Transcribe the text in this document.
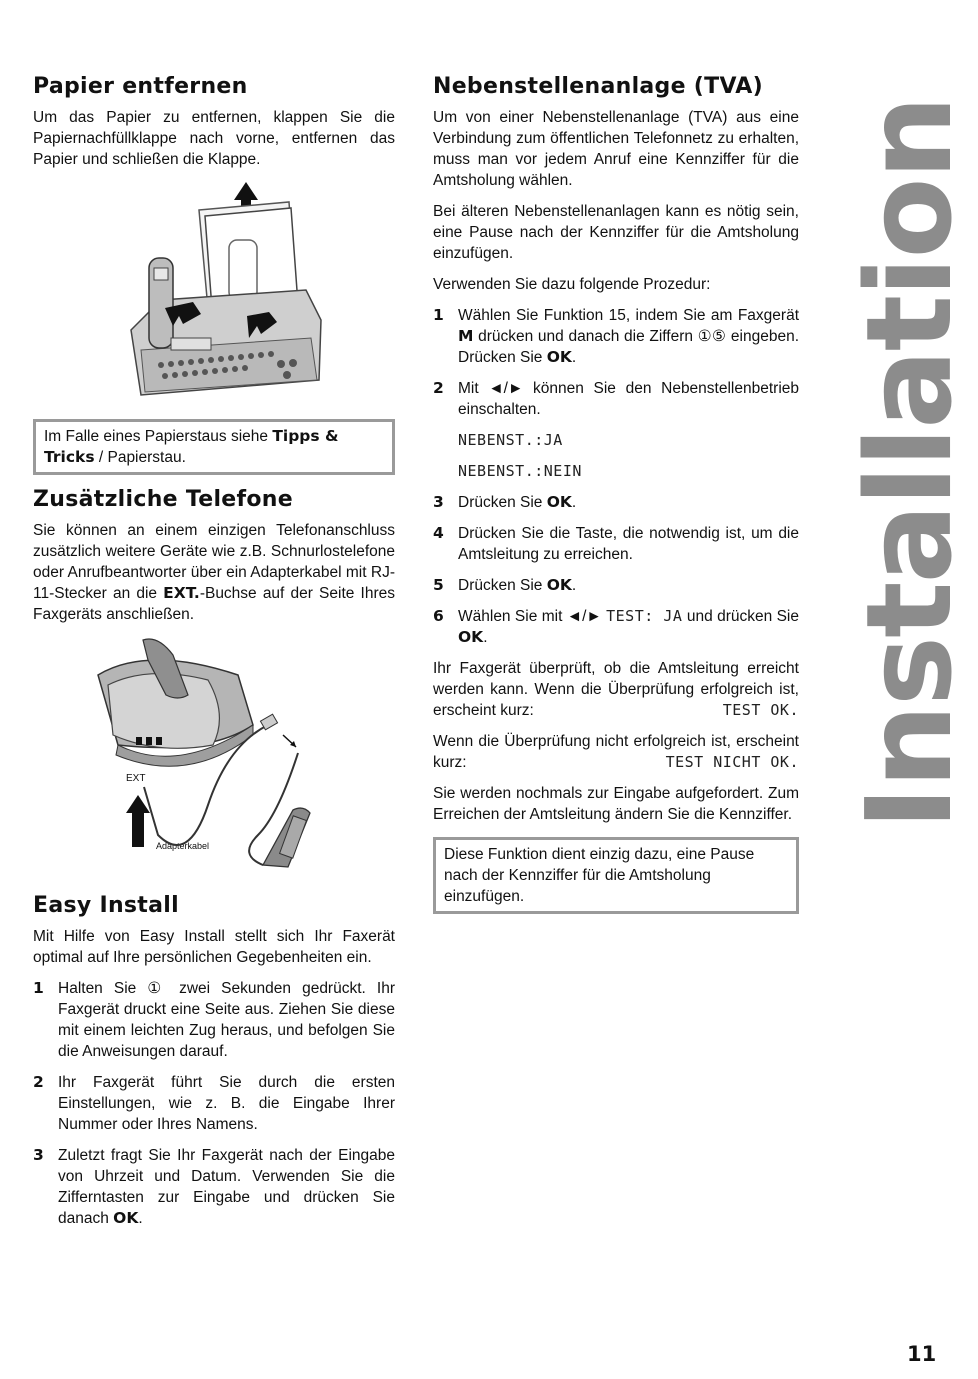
Papier entfernen

Um das Papier zu entfernen, klappen Sie die Papiernachfüllklappe nach vorne, entfernen das Papier und schließen die Klappe.

Im Falle eines Papierstaus siehe Tipps & Tricks / Papierstau.
Zusätzliche Telefone

Sie können an einem einzigen Telefonanschluss zusätzlich weitere Geräte wie z.B. Schnurlostelefone oder Anrufbeantworter über ein Adapterkabel mit RJ-11-Stecker an die EXT.-Buchse auf der Seite Ihres Faxgeräts anschließen.

EXT
Adapterkabel
Easy Install

Mit Hilfe von Easy Install stellt sich Ihr Faxerät optimal auf Ihre persönlichen Gegebenheiten ein.

1 Halten Sie ① zwei Sekunden gedrückt. Ihr Faxgerät druckt eine Seite aus. Ziehen Sie diese mit einem leichten Zug heraus, und befolgen Sie die Anweisungen darauf.
2 Ihr Faxgerät führt Sie durch die ersten Einstellungen, wie z. B. die Eingabe Ihrer Nummer oder Ihres Namens.
3 Zuletzt fragt Sie Ihr Faxgerät nach der Eingabe von Uhrzeit und Datum. Verwenden Sie die Zifferntasten zur Eingabe und drücken Sie danach OK.
Nebenstellenanlage (TVA)

Um von einer Nebenstellenanlage (TVA) aus eine Verbindung zum öffentlichen Telefonnetz zu erhalten, muss man vor jedem Anruf eine Kennziffer für die Amtsholung wählen.

Bei älteren Nebenstellenanlagen kann es nötig sein, eine Pause nach der Kennziffer für die Amtsholung einzufügen.

Verwenden Sie dazu folgende Prozedur:

1 Wählen Sie Funktion 15, indem Sie am Faxgerät M drücken und danach die Ziffern ①⑤ eingeben. Drücken Sie OK.
2 Mit ◄/► können Sie den Nebenstellenbetrieb einschalten.
NEBENST.:JA
NEBENST.:NEIN
3 Drücken Sie OK.
4 Drücken Sie die Taste, die notwendig ist, um die Amtsleitung zu erreichen.
5 Drücken Sie OK.
6 Wählen Sie mit ◄/► TEST: JA und drücken Sie OK.

Ihr Faxgerät überprüft, ob die Amtsleitung erreicht werden kann. Wenn die Überprüfung erfolgreich ist, erscheint kurz:	TEST OK.

Wenn die Überprüfung nicht erfolgreich ist, erscheint kurz:	TEST NICHT OK.

Sie werden nochmals zur Eingabe aufgefordert. Zum Erreichen der Amtsleitung ändern Sie die Kennziffer.

Diese Funktion dient einzig dazu, eine Pause nach der Kennziffer für die Amtsholung einzufügen.
Installation
11
